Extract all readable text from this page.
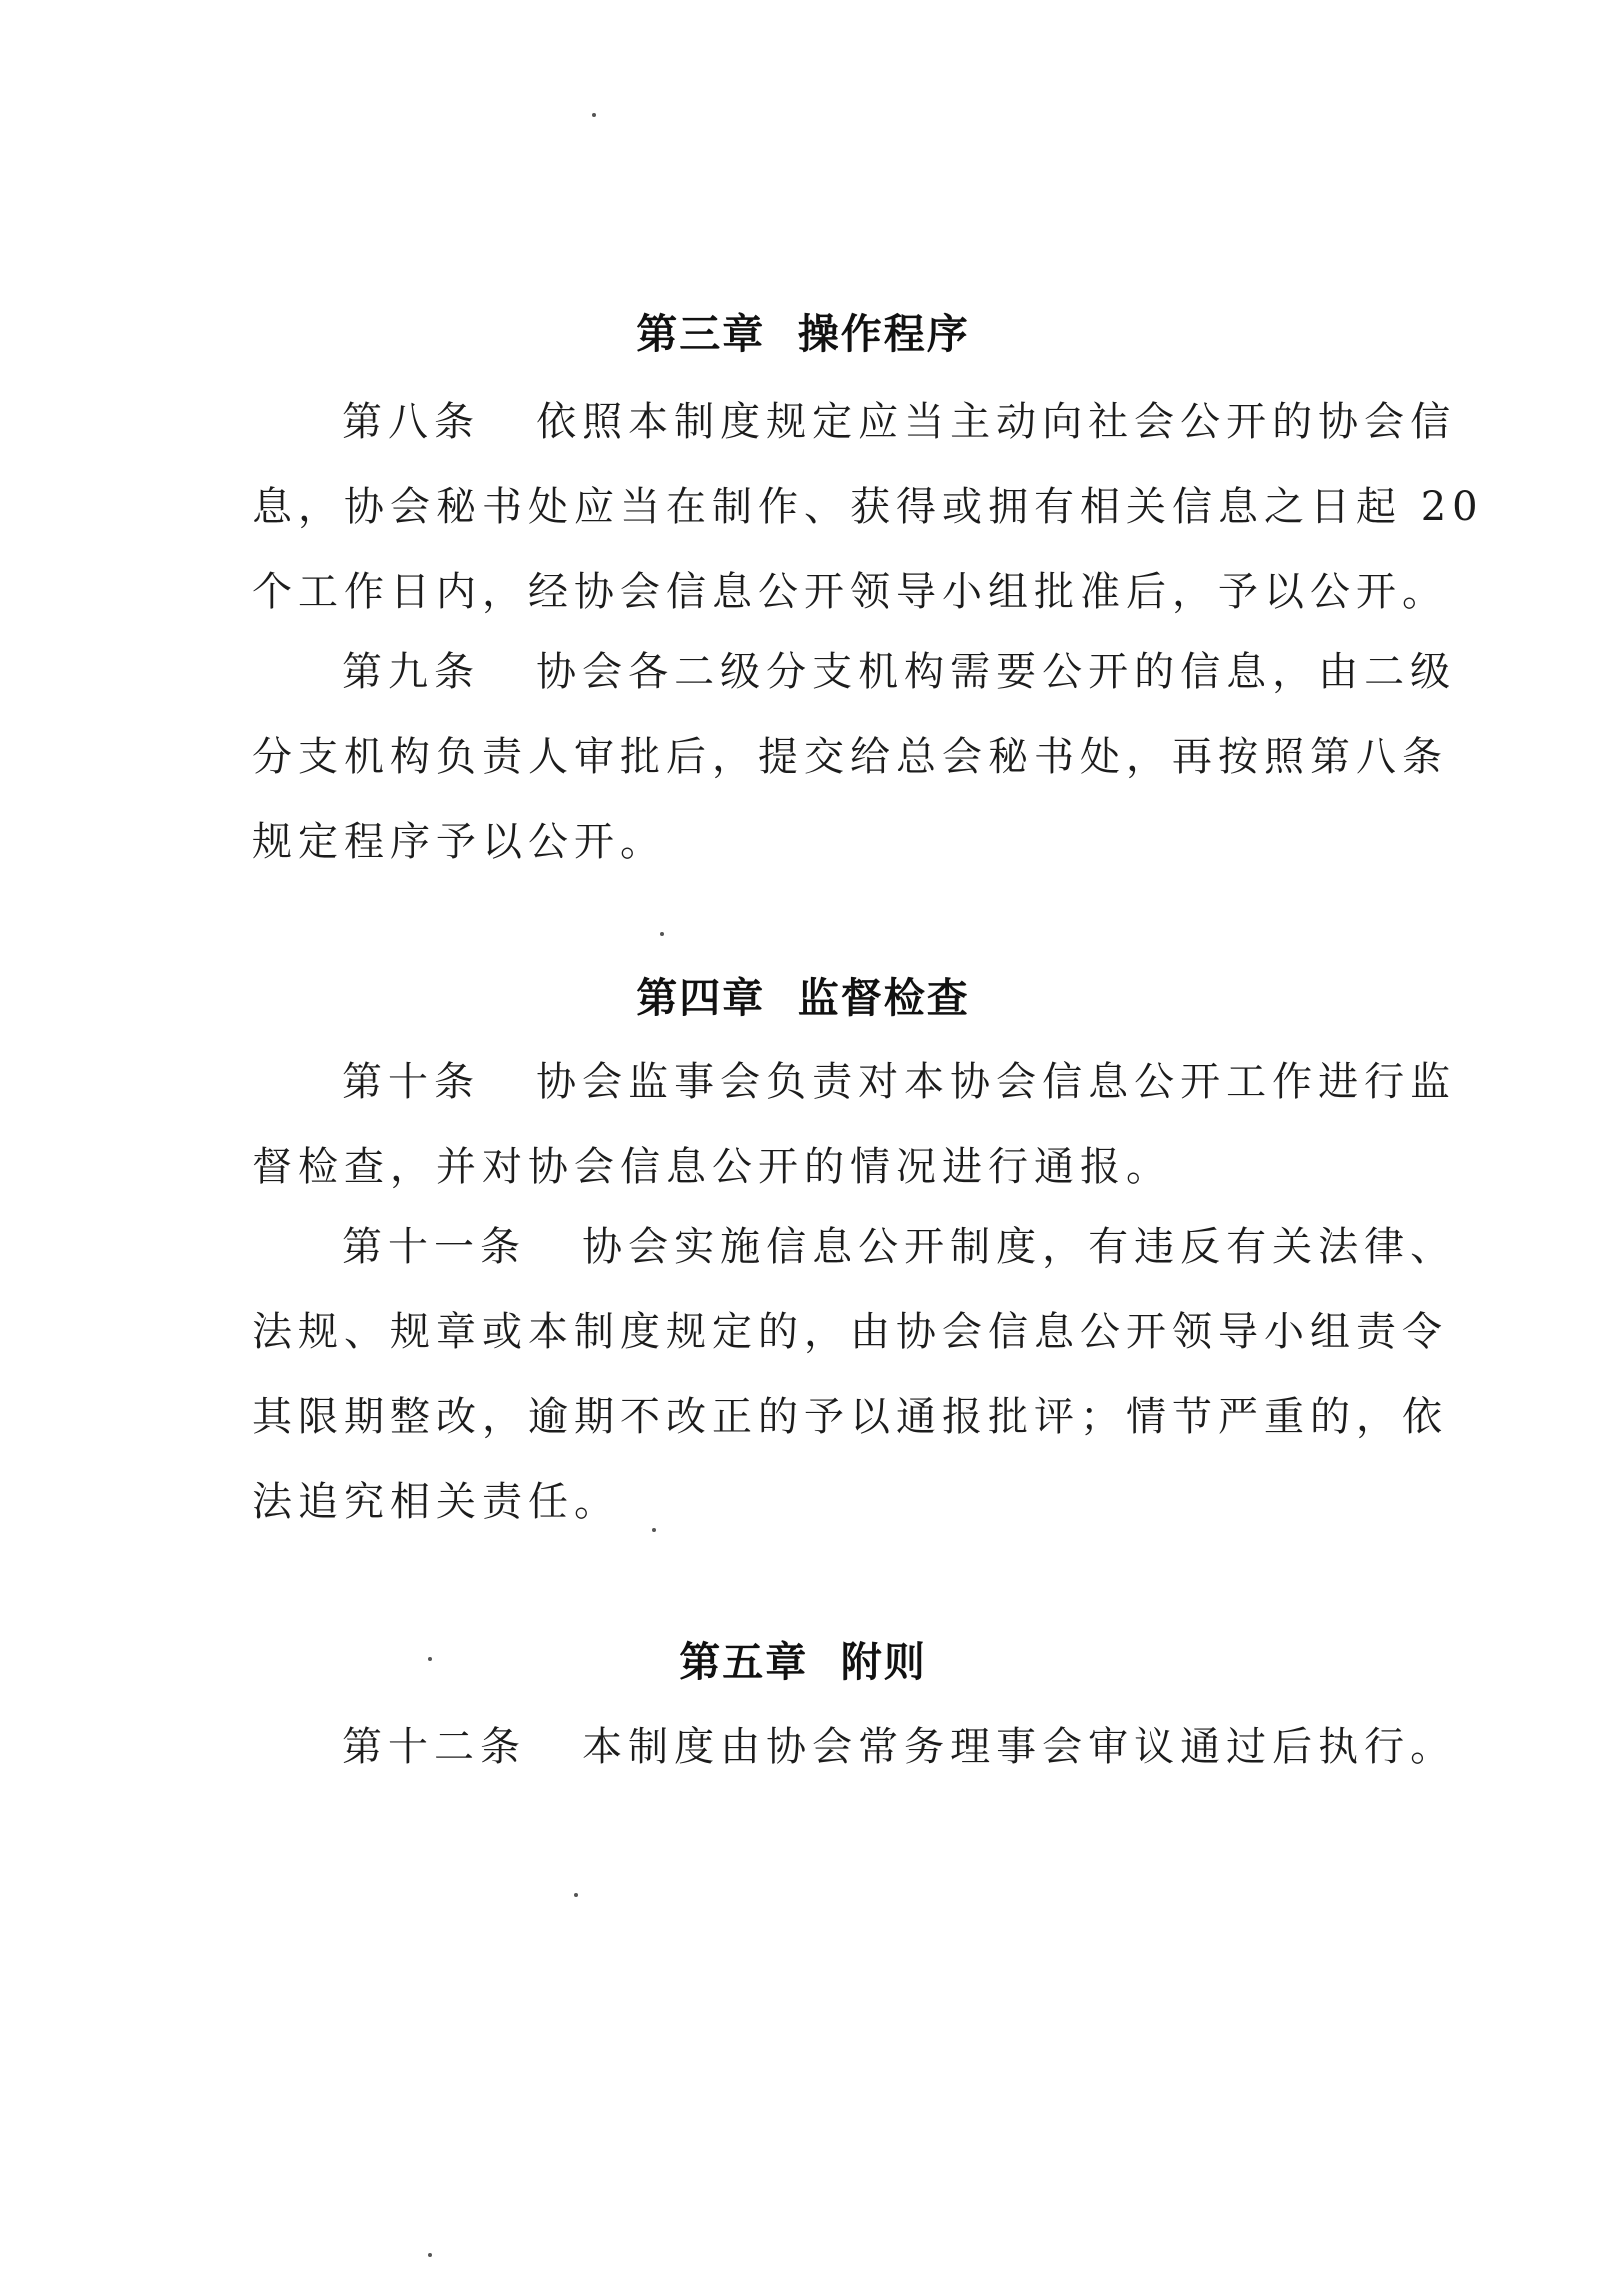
第三章  操作程序
第八条   依照本制度规定应当主动向社会公开的协会信
息，协会秘书处应当在制作、获得或拥有相关信息之日起 20
个工作日内，经协会信息公开领导小组批准后，予以公开。
第九条   协会各二级分支机构需要公开的信息，由二级
分支机构负责人审批后，提交给总会秘书处，再按照第八条
规定程序予以公开。
第四章  监督检查
第十条   协会监事会负责对本协会信息公开工作进行监
督检查，并对协会信息公开的情况进行通报。
第十一条   协会实施信息公开制度，有违反有关法律、
法规、规章或本制度规定的，由协会信息公开领导小组责令
其限期整改，逾期不改正的予以通报批评；情节严重的，依
法追究相关责任。
第五章  附则
第十二条   本制度由协会常务理事会审议通过后执行。
